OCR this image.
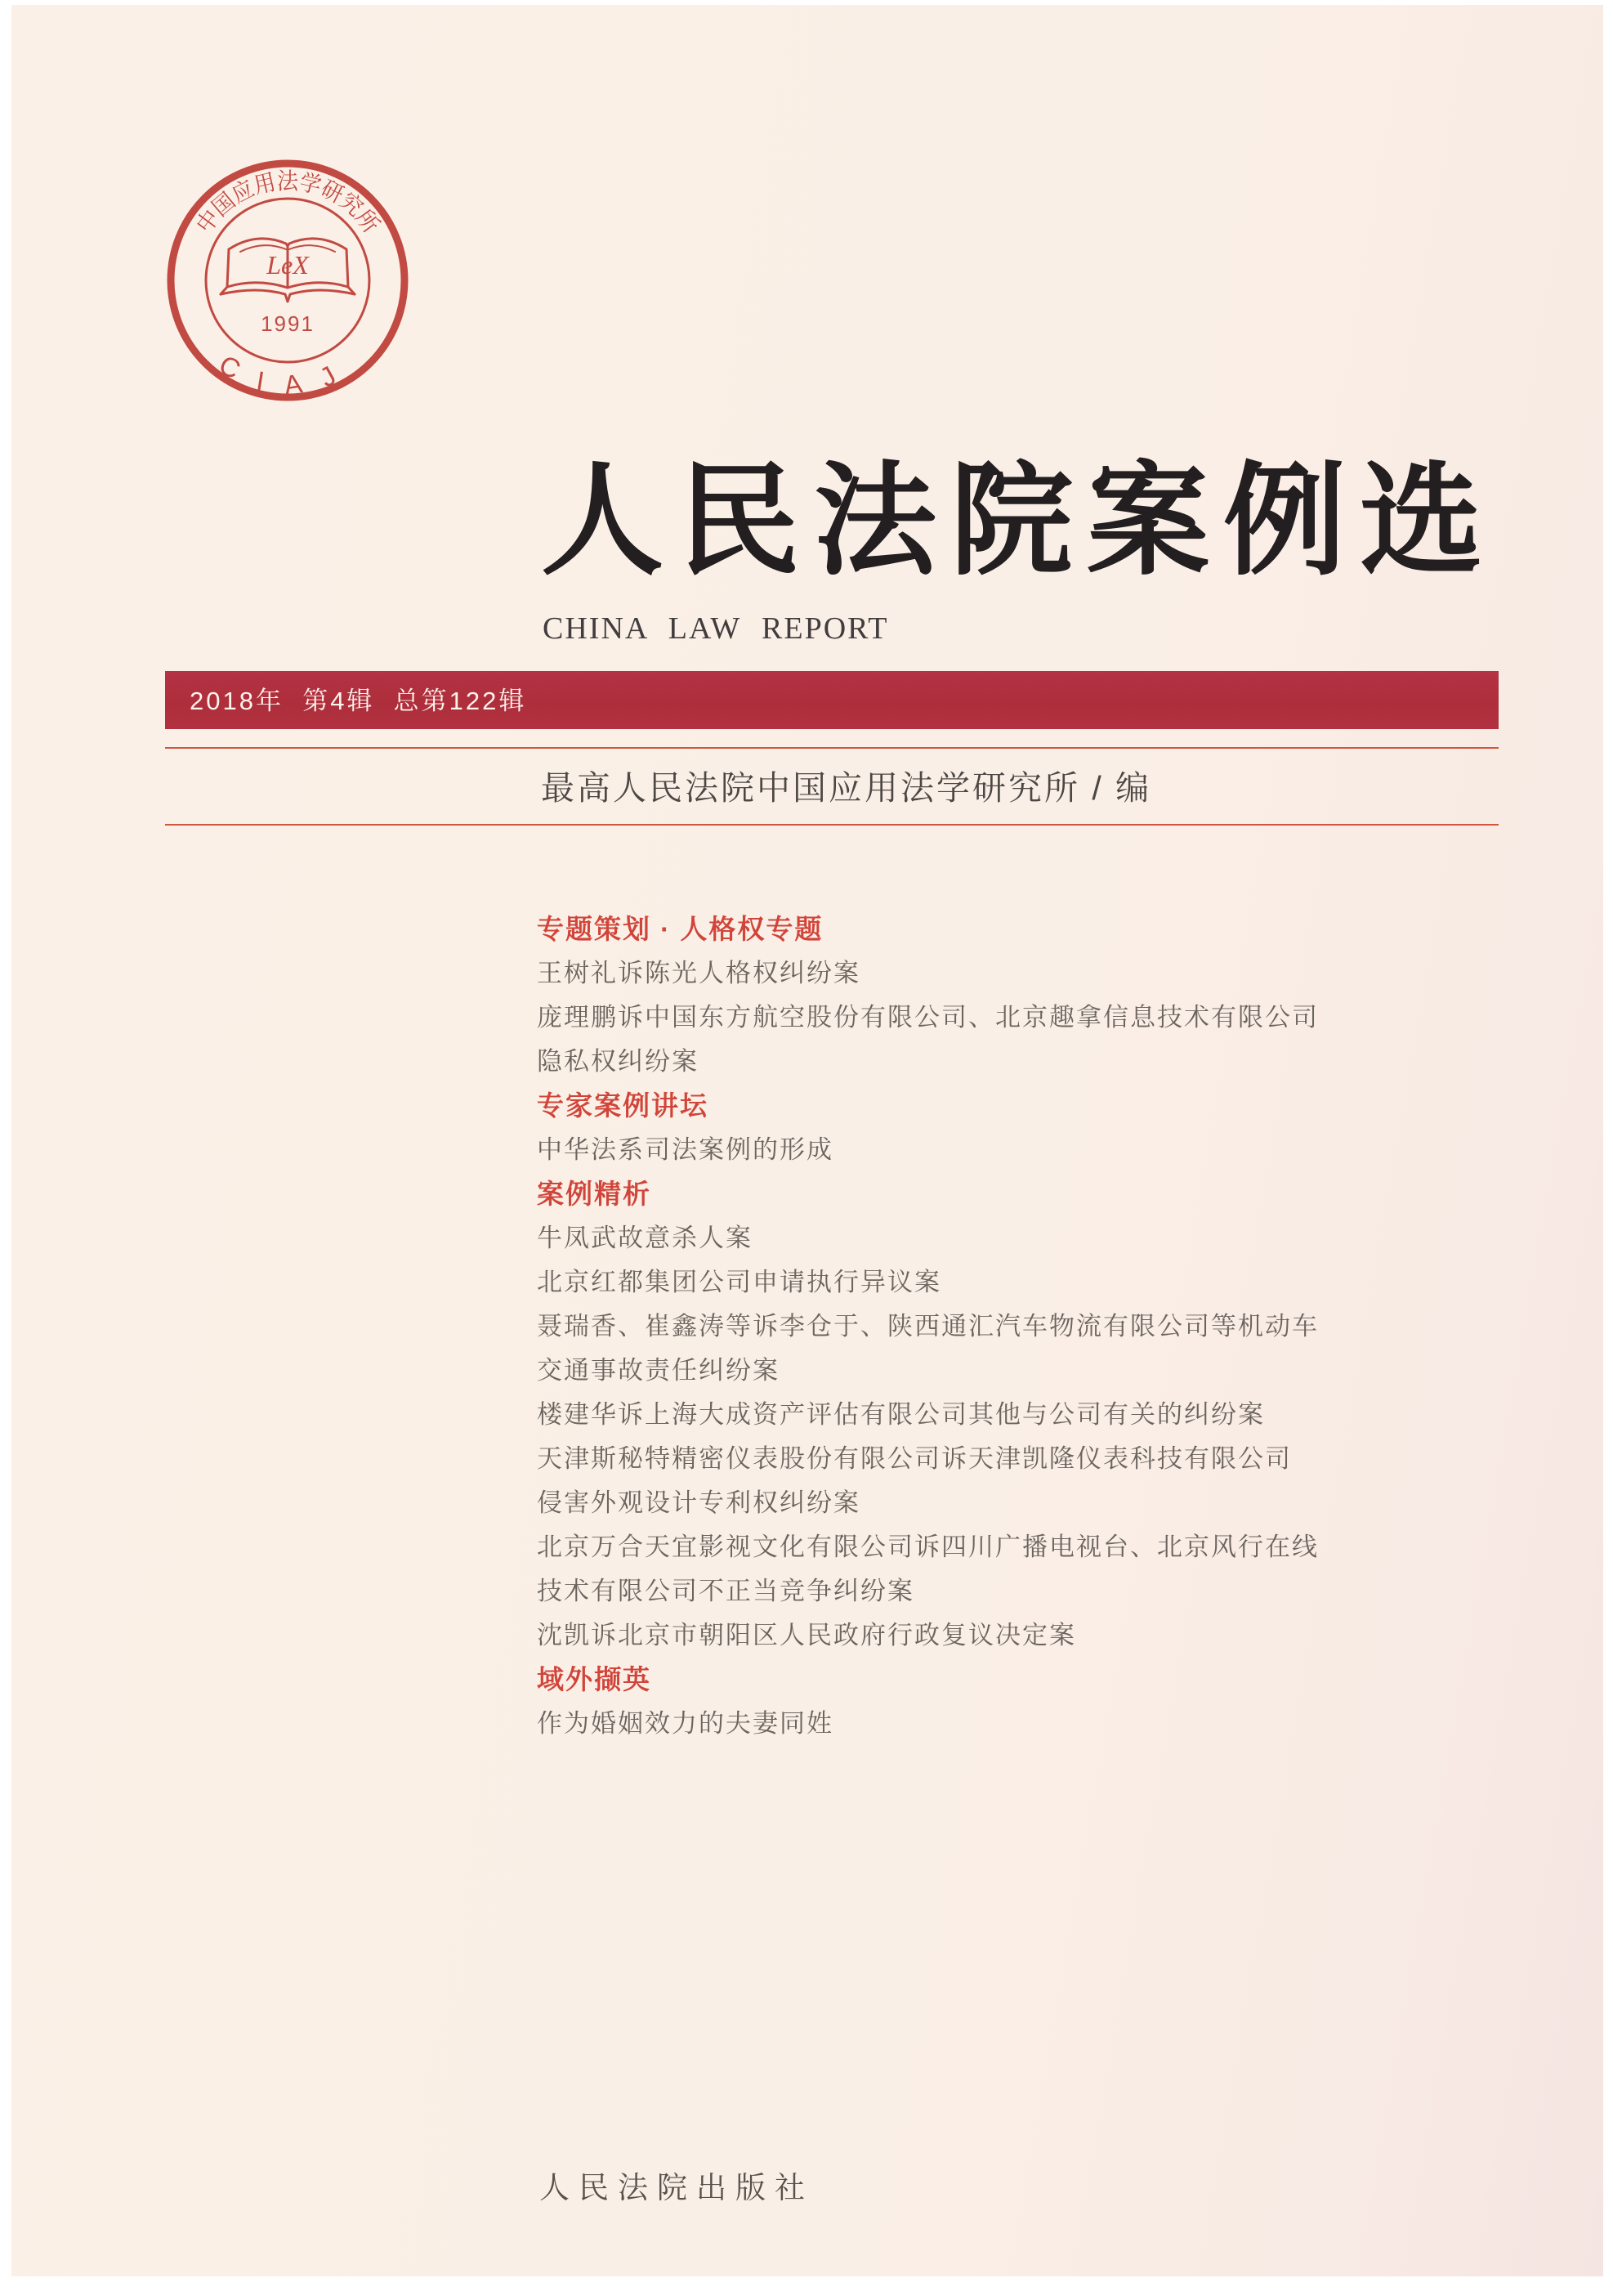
中国应用法学研究所
LeX
1991
CIAJ
人民法院案例选
CHINA LAW REPORT
2018年  第4辑  总第122辑
最高人民法院中国应用法学研究所 / 编
专题策划 · 人格权专题
王树礼诉陈光人格权纠纷案
庞理鹏诉中国东方航空股份有限公司、北京趣拿信息技术有限公司
隐私权纠纷案
专家案例讲坛
中华法系司法案例的形成
案例精析
牛凤武故意杀人案
北京红都集团公司申请执行异议案
聂瑞香、崔鑫涛等诉李仓于、陕西通汇汽车物流有限公司等机动车
交通事故责任纠纷案
楼建华诉上海大成资产评估有限公司其他与公司有关的纠纷案
天津斯秘特精密仪表股份有限公司诉天津凯隆仪表科技有限公司
侵害外观设计专利权纠纷案
北京万合天宜影视文化有限公司诉四川广播电视台、北京风行在线
技术有限公司不正当竞争纠纷案
沈凯诉北京市朝阳区人民政府行政复议决定案
域外撷英
作为婚姻效力的夫妻同姓
人民法院出版社
